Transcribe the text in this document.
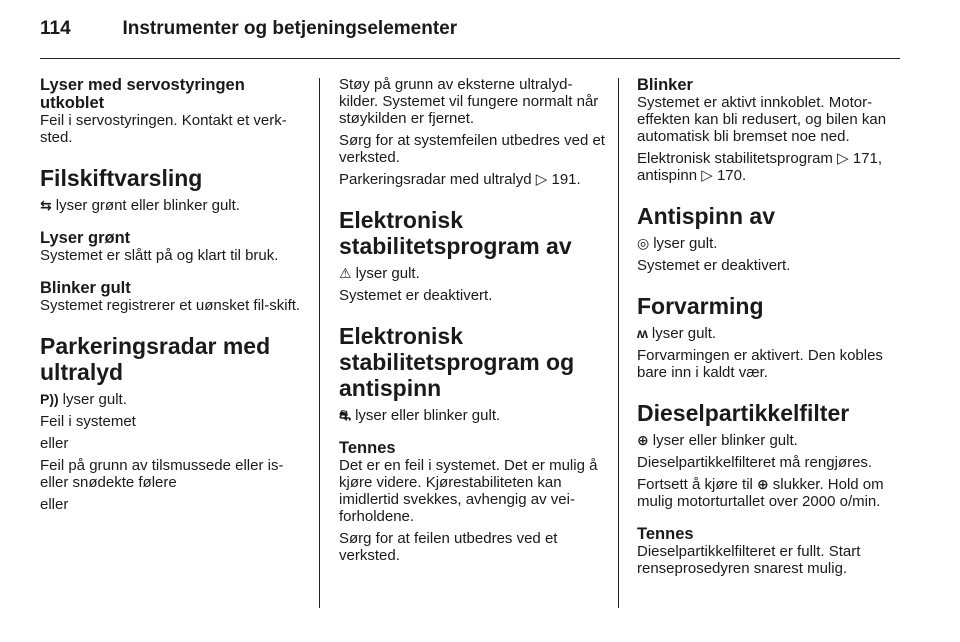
114	Instrumenter og betjeningselementer
Lyser med servostyringen utkoblet
Feil i servostyringen. Kontakt et verk-sted.
Filskiftvarsling
⇆ lyser grønt eller blinker gult.
Lyser grønt
Systemet er slått på og klart til bruk.
Blinker gult
Systemet registrerer et uønsket fil-skift.
Parkeringsradar med ultralyd
P)) lyser gult.
Feil i systemet
eller
Feil på grunn av tilsmussede eller is- eller snødekte følere
eller
Støy på grunn av eksterne ultralyd-kilder. Systemet vil fungere normalt når støykilden er fjernet.
Sørg for at systemfeilen utbedres ved et verksted.
Parkeringsradar med ultralyd ▷ 191.
Elektronisk stabilitetsprogram av
⚠ lyser gult.
Systemet er deaktivert.
Elektronisk stabilitetsprogram og antispinn
⛐ lyser eller blinker gult.
Tennes
Det er en feil i systemet. Det er mulig å kjøre videre. Kjørestabiliteten kan imidlertid svekkes, avhengig av vei-forholdene.
Sørg for at feilen utbedres ved et verksted.
Blinker
Systemet er aktivt innkoblet. Motor-effekten kan bli redusert, og bilen kan automatisk bli bremset noe ned.
Elektronisk stabilitetsprogram ▷ 171,
antispinn ▷ 170.
Antispinn av
◎ lyser gult.
Systemet er deaktivert.
Forvarming
ʍ lyser gult.
Forvarmingen er aktivert. Den kobles bare inn i kaldt vær.
Dieselpartikkelfilter
⊕ lyser eller blinker gult.
Dieselpartikkelfilteret må rengjøres.
Fortsett å kjøre til ⊕ slukker. Hold om mulig motorturtallet over 2000 o/min.
Tennes
Dieselpartikkelfilteret er fullt. Start renseprosedyren snarest mulig.
